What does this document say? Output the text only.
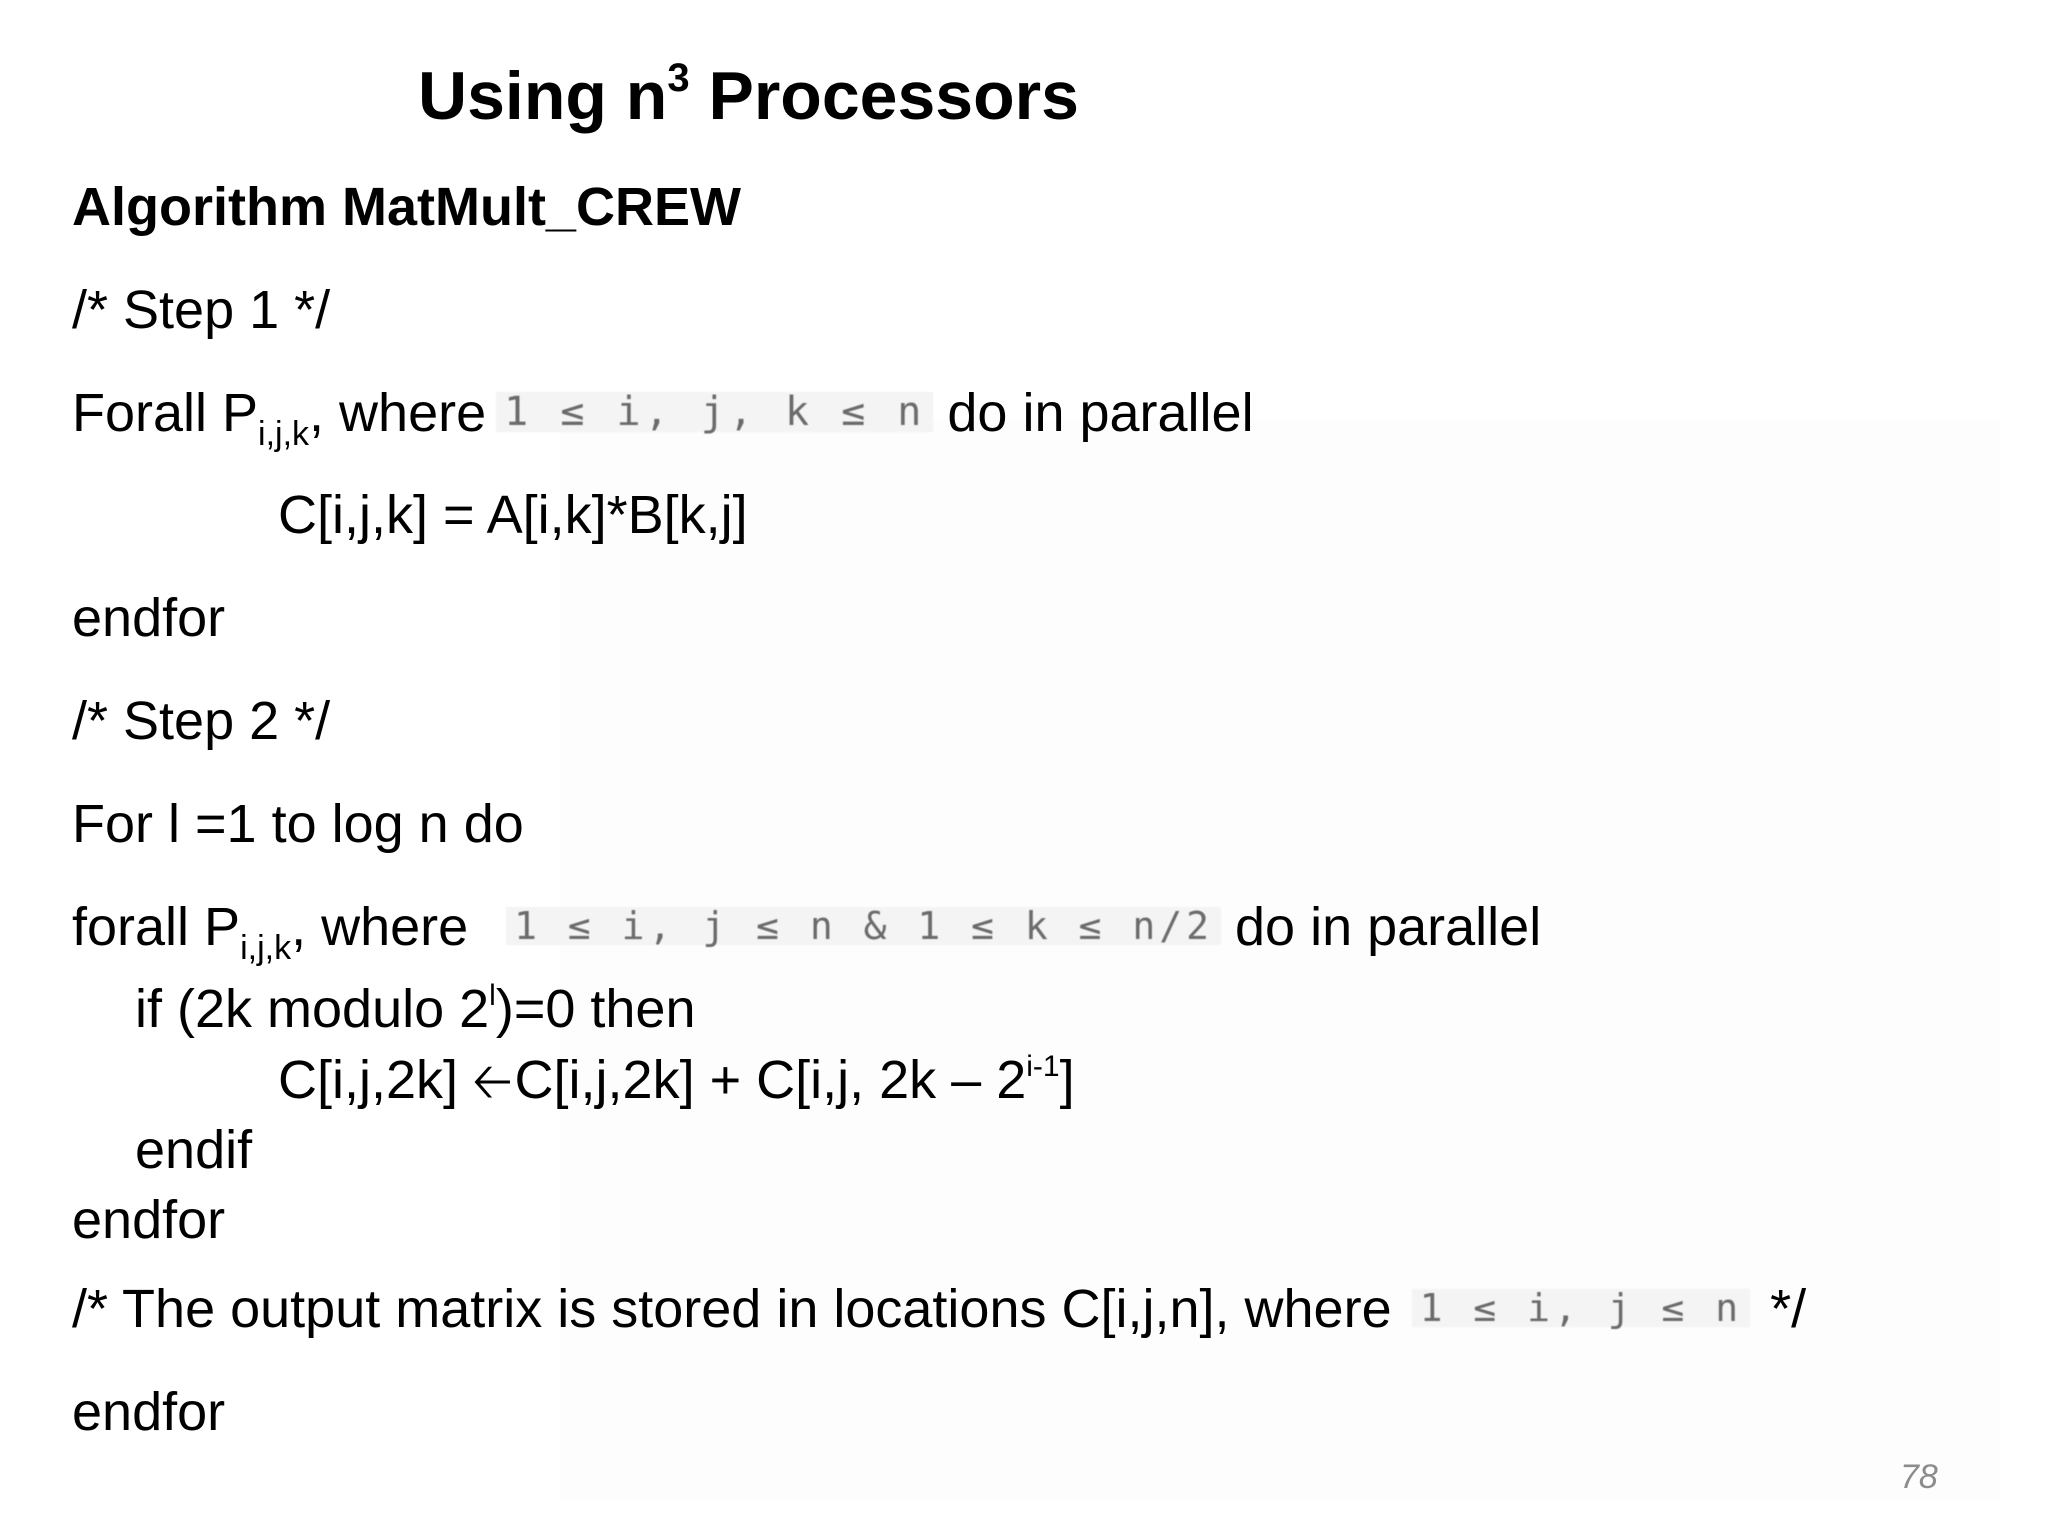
Using $n^3$ Processors
Algorithm MatMult_CREW
/* Step 1 */
Forall $P_{i,j,k}$, where 1 ≤ i, j, k ≤ n do in parallel
C[i,j,k] = A[i,k]*B[k,j]
endfor
/* Step 2 */
For l =1 to log n do
forall $P_{i,j,k}$, where 1 ≤ i, j ≤ n & 1 ≤ k ≤ n/2 do in parallel
if (2k modulo $2^l)=0$ then
C[i,j,2k] 🡠C[i,j,2k] + C[i,j, 2k – 2$^{i-1}$]
endif
endfor
/* The output matrix is stored in locations C[i,j,n], where 1 ≤ i, j ≤ n */
endfor
78
